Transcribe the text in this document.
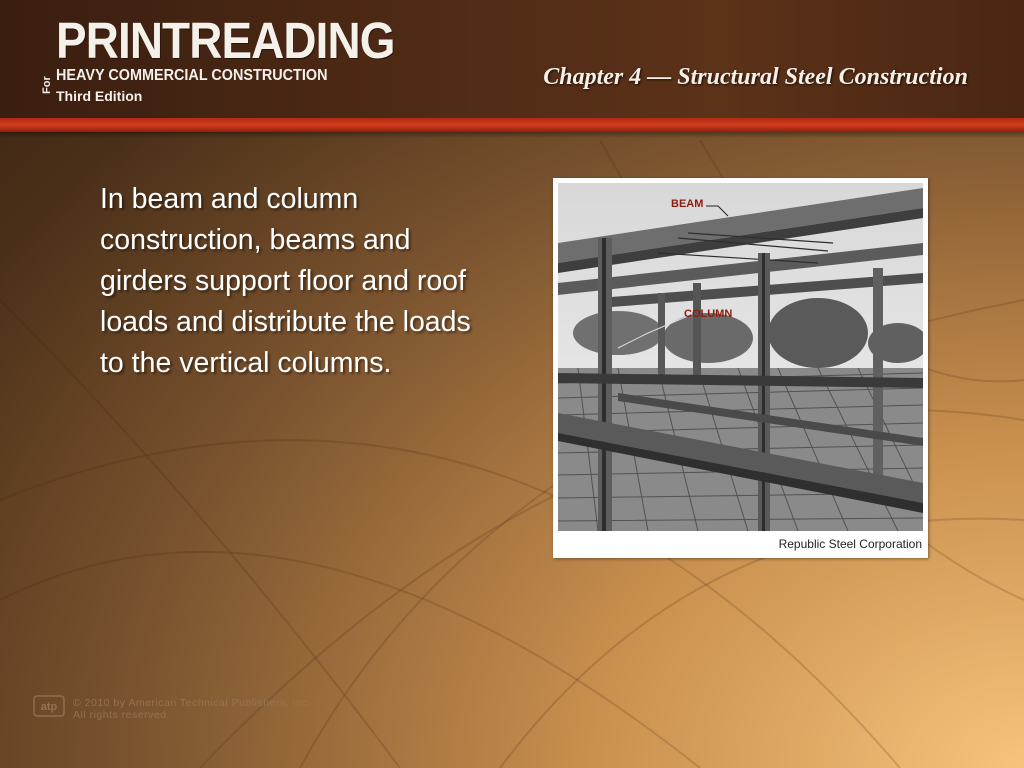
PRINTREADING
For
HEAVY COMMERCIAL CONSTRUCTION
Third Edition
Chapter 4 — Structural Steel Construction

In beam and column construction, beams and girders support floor and roof loads and distribute the loads to the vertical columns.

BEAM
COLUMN
Republic Steel Corporation
atp © 2010 by American Technical Publishers, Inc.
All rights reserved
